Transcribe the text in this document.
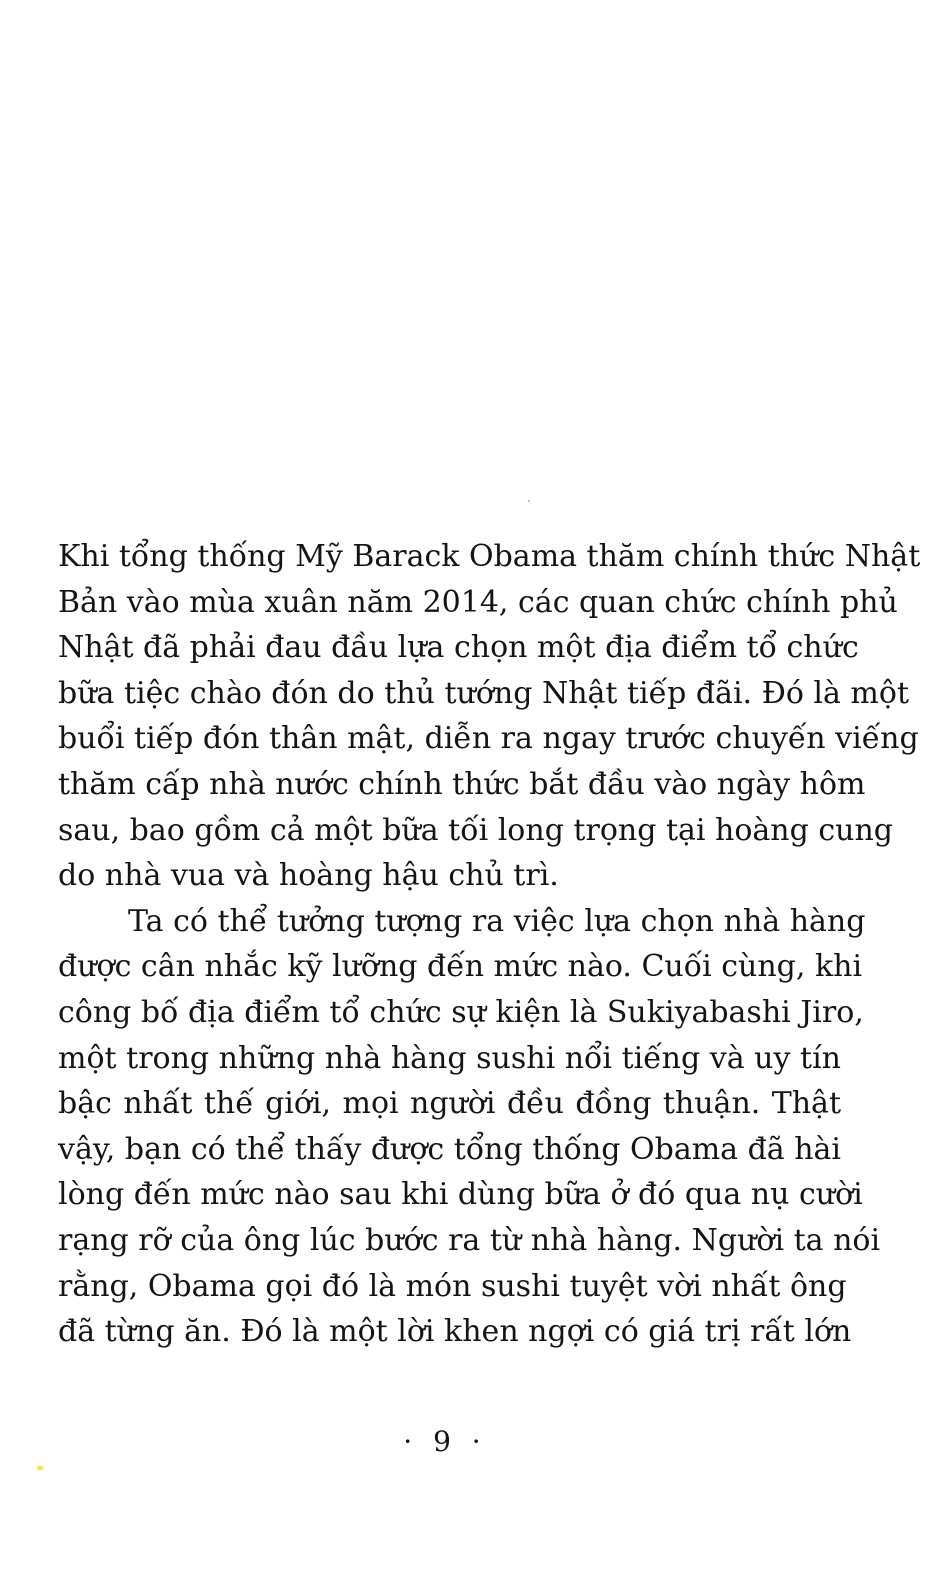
Khi tổng thống Mỹ Barack Obama thăm chính thức Nhật
Bản vào mùa xuân năm 2014, các quan chức chính phủ
Nhật đã phải đau đầu lựa chọn một địa điểm tổ chức
bữa tiệc chào đón do thủ tướng Nhật tiếp đãi. Đó là một
buổi tiếp đón thân mật, diễn ra ngay trước chuyến viếng
thăm cấp nhà nước chính thức bắt đầu vào ngày hôm
sau, bao gồm cả một bữa tối long trọng tại hoàng cung
do nhà vua và hoàng hậu chủ trì.
Ta có thể tưởng tượng ra việc lựa chọn nhà hàng
được cân nhắc kỹ lưỡng đến mức nào. Cuối cùng, khi
công bố địa điểm tổ chức sự kiện là Sukiyabashi Jiro,
một trong những nhà hàng sushi nổi tiếng và uy tín
bậc nhất thế giới, mọi người đều đồng thuận. Thật
vậy, bạn có thể thấy được tổng thống Obama đã hài
lòng đến mức nào sau khi dùng bữa ở đó qua nụ cười
rạng rỡ của ông lúc bước ra từ nhà hàng. Người ta nói
rằng, Obama gọi đó là món sushi tuyệt vời nhất ông
đã từng ăn. Đó là một lời khen ngợi có giá trị rất lớn
· 9 ·
